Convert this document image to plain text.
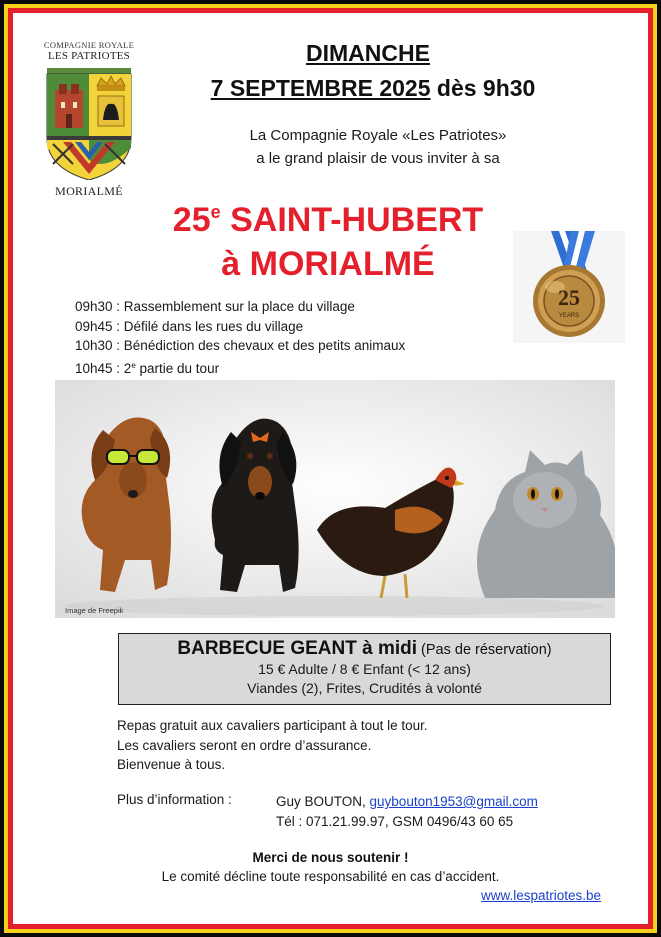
COMPAGNIE ROYALE
LES PATRIOTES
MORIALMÉ
DIMANCHE
7 SEPTEMBRE 2025 dès 9h30
La Compagnie Royale «Les Patriotes»
a le grand plaisir de vous inviter à sa
25e SAINT-HUBERT
à MORIALMÉ
25
YEARS
09h30 : Rassemblement sur la place du village
09h45 : Défilé dans les rues du village
10h30 : Bénédiction des chevaux et des petits animaux
10h45 : 2e partie du tour
Image de Freepik
BARBECUE GEANT à midi (Pas de réservation)
15 € Adulte / 8 € Enfant (< 12 ans)
Viandes (2), Frites, Crudités à volonté
Repas gratuit aux cavaliers participant à tout le tour.
Les cavaliers seront en ordre d’assurance.
Bienvenue à tous.
Plus d’information :	Guy BOUTON, guybouton1953@gmail.com
Tél : 071.21.99.97, GSM 0496/43 60 65
Merci de nous soutenir !
Le comité décline toute responsabilité en cas d’accident.
www.lespatriotes.be
